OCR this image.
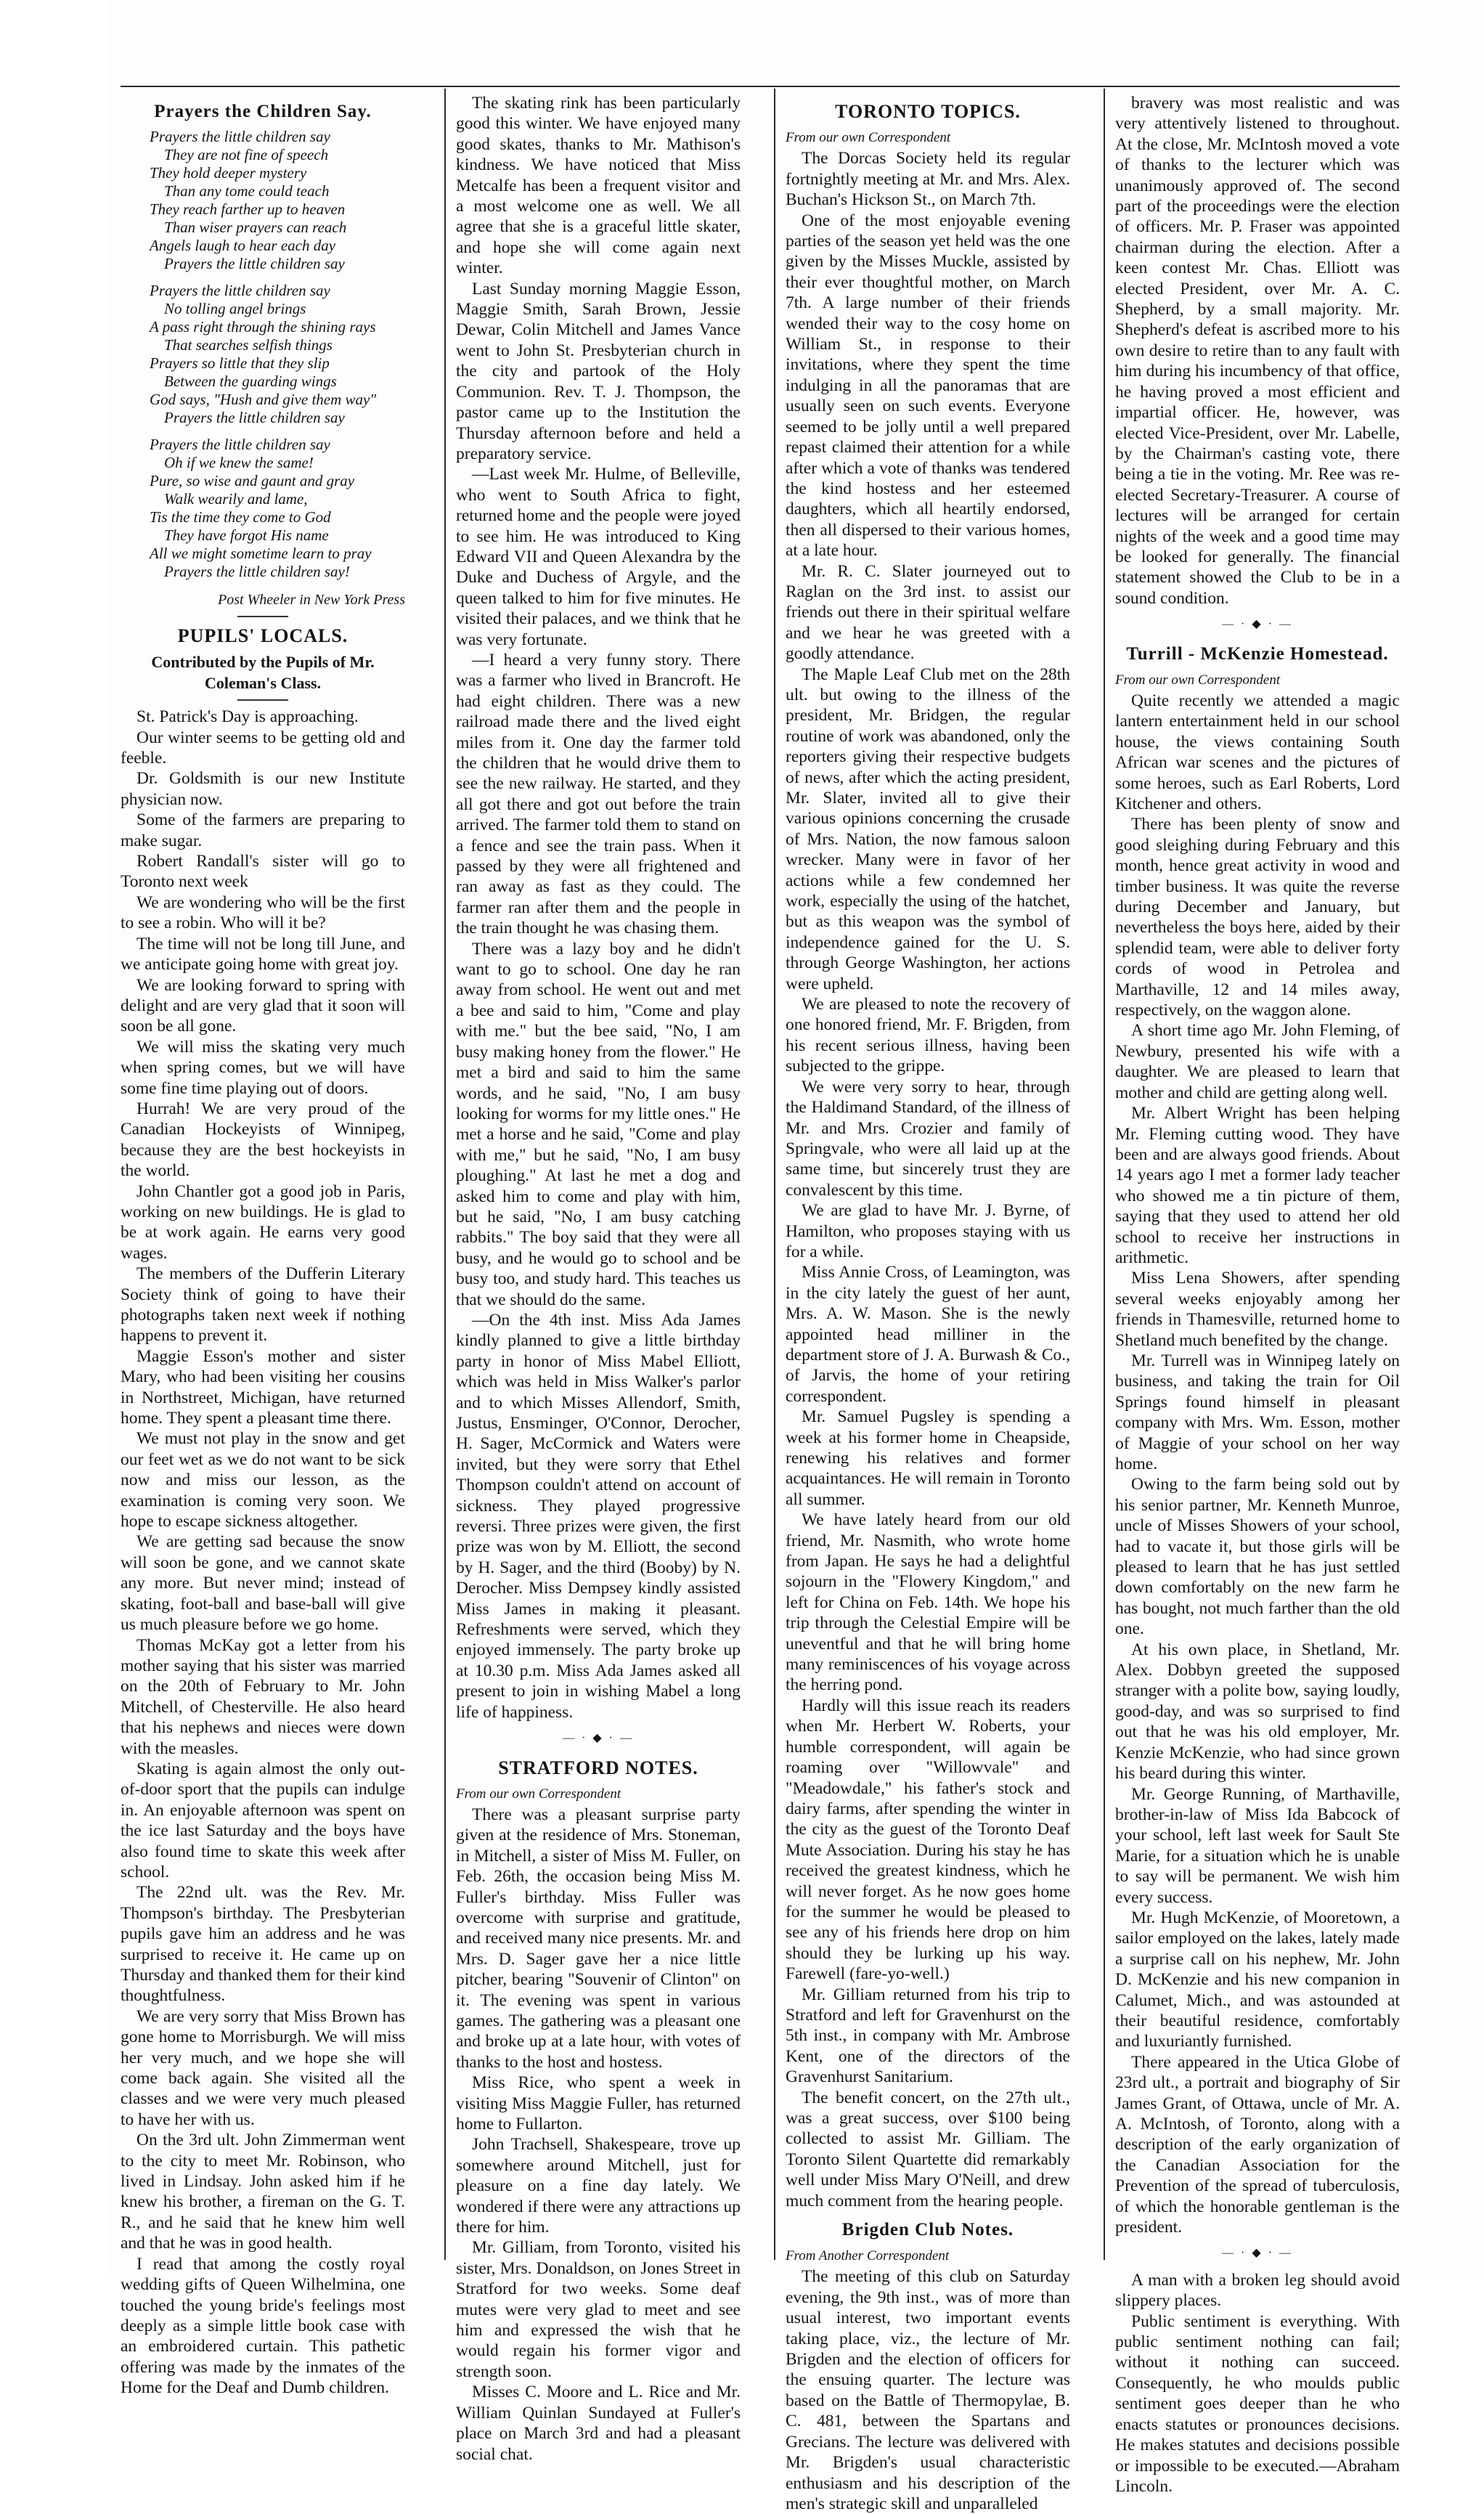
Prayers the Children Say.
Prayers the little children say
They are not fine of speech
They hold deeper mystery
Than any tome could teach
They reach farther up to heaven
Than wiser prayers can reach
Angels laugh to hear each day
Prayers the little children say
Prayers the little children say
No tolling angel brings
A pass right through the shining rays
That searches selfish things
Prayers so little that they slip
Between the guarding wings
God says, "Hush and give them way"
Prayers the little children say
Prayers the little children say
Oh if we knew the same!
Pure, so wise and gaunt and gray
Walk wearily and lame,
Tis the time they come to God
They have forgot His name
All we might sometime learn to pray
Prayers the little children say!
Post Wheeler in New York Press
PUPILS' LOCALS.
Contributed by the Pupils of Mr. Coleman's Class.

St. Patrick's Day is approaching.

Our winter seems to be getting old and feeble.

Dr. Goldsmith is our new Institute physician now.

Some of the farmers are preparing to make sugar.

Robert Randall's sister will go to Toronto next week

We are wondering who will be the first to see a robin. Who will it be?

The time will not be long till June, and we anticipate going home with great joy.

We are looking forward to spring with delight and are very glad that it soon will soon be all gone.

We will miss the skating very much when spring comes, but we will have some fine time playing out of doors.

Hurrah! We are very proud of the Canadian Hockeyists of Winnipeg, because they are the best hockeyists in the world.

John Chantler got a good job in Paris, working on new buildings. He is glad to be at work again. He earns very good wages.

The members of the Dufferin Literary Society think of going to have their photographs taken next week if nothing happens to prevent it.

Maggie Esson's mother and sister Mary, who had been visiting her cousins in Northstreet, Michigan, have returned home. They spent a pleasant time there.

We must not play in the snow and get our feet wet as we do not want to be sick now and miss our lesson, as the examination is coming very soon. We hope to escape sickness altogether.

We are getting sad because the snow will soon be gone, and we cannot skate any more. But never mind; instead of skating, foot-ball and base-ball will give us much pleasure before we go home.

Thomas McKay got a letter from his mother saying that his sister was married on the 20th of February to Mr. John Mitchell, of Chesterville. He also heard that his nephews and nieces were down with the measles.

Skating is again almost the only out-of-door sport that the pupils can indulge in. An enjoyable afternoon was spent on the ice last Saturday and the boys have also found time to skate this week after school.

The 22nd ult. was the Rev. Mr. Thompson's birthday. The Presbyterian pupils gave him an address and he was surprised to receive it. He came up on Thursday and thanked them for their kind thoughtfulness.

We are very sorry that Miss Brown has gone home to Morrisburgh. We will miss her very much, and we hope she will come back again. She visited all the classes and we were very much pleased to have her with us.

On the 3rd ult. John Zimmerman went to the city to meet Mr. Robinson, who lived in Lindsay. John asked him if he knew his brother, a fireman on the G. T. R., and he said that he knew him well and that he was in good health.

I read that among the costly royal wedding gifts of Queen Wilhelmina, one touched the young bride's feelings most deeply as a simple little book case with an embroidered curtain. This pathetic offering was made by the inmates of the Home for the Deaf and Dumb children.

The skating rink has been particularly good this winter. We have enjoyed many good skates, thanks to Mr. Mathison's kindness. We have noticed that Miss Metcalfe has been a frequent visitor and a most welcome one as well. We all agree that she is a graceful little skater, and hope she will come again next winter.

Last Sunday morning Maggie Esson, Maggie Smith, Sarah Brown, Jessie Dewar, Colin Mitchell and James Vance went to John St. Presbyterian church in the city and partook of the Holy Communion. Rev. T. J. Thompson, the pastor came up to the Institution the Thursday afternoon before and held a preparatory service.

—Last week Mr. Hulme, of Belleville, who went to South Africa to fight, returned home and the people were joyed to see him. He was introduced to King Edward VII and Queen Alexandra by the Duke and Duchess of Argyle, and the queen talked to him for five minutes. He visited their palaces, and we think that he was very fortunate.

—I heard a very funny story. There was a farmer who lived in Brancroft. He had eight children. There was a new railroad made there and the lived eight miles from it. One day the farmer told the children that he would drive them to see the new railway. He started, and they all got there and got out before the train arrived. The farmer told them to stand on a fence and see the train pass. When it passed by they were all frightened and ran away as fast as they could. The farmer ran after them and the people in the train thought he was chasing them.

There was a lazy boy and he didn't want to go to school. One day he ran away from school. He went out and met a bee and said to him, "Come and play with me." but the bee said, "No, I am busy making honey from the flower." He met a bird and said to him the same words, and he said, "No, I am busy looking for worms for my little ones." He met a horse and he said, "Come and play with me," but he said, "No, I am busy ploughing." At last he met a dog and asked him to come and play with him, but he said, "No, I am busy catching rabbits." The boy said that they were all busy, and he would go to school and be busy too, and study hard. This teaches us that we should do the same.

—On the 4th inst. Miss Ada James kindly planned to give a little birthday party in honor of Miss Mabel Elliott, which was held in Miss Walker's parlor and to which Misses Allendorf, Smith, Justus, Ensminger, O'Connor, Derocher, H. Sager, McCormick and Waters were invited, but they were sorry that Ethel Thompson couldn't attend on account of sickness. They played progressive reversi. Three prizes were given, the first prize was won by M. Elliott, the second by H. Sager, and the third (Booby) by N. Derocher. Miss Dempsey kindly assisted Miss James in making it pleasant. Refreshments were served, which they enjoyed immensely. The party broke up at 10.30 p.m. Miss Ada James asked all present to join in wishing Mabel a long life of happiness.

— · ◆ · —
STRATFORD NOTES.

From our own Correspondent

There was a pleasant surprise party given at the residence of Mrs. Stoneman, in Mitchell, a sister of Miss M. Fuller, on Feb. 26th, the occasion being Miss M. Fuller's birthday. Miss Fuller was overcome with surprise and gratitude, and received many nice presents. Mr. and Mrs. D. Sager gave her a nice little pitcher, bearing "Souvenir of Clinton" on it. The evening was spent in various games. The gathering was a pleasant one and broke up at a late hour, with votes of thanks to the host and hostess.

Miss Rice, who spent a week in visiting Miss Maggie Fuller, has returned home to Fullarton.

John Trachsell, Shakespeare, trove up somewhere around Mitchell, just for pleasure on a fine day lately. We wondered if there were any attractions up there for him.

Mr. Gilliam, from Toronto, visited his sister, Mrs. Donaldson, on Jones Street in Stratford for two weeks. Some deaf mutes were very glad to meet and see him and expressed the wish that he would regain his former vigor and strength soon.

Misses C. Moore and L. Rice and Mr. William Quinlan Sundayed at Fuller's place on March 3rd and had a pleasant social chat.

TORONTO TOPICS.

From our own Correspondent

The Dorcas Society held its regular fortnightly meeting at Mr. and Mrs. Alex. Buchan's Hickson St., on March 7th.

One of the most enjoyable evening parties of the season yet held was the one given by the Misses Muckle, assisted by their ever thoughtful mother, on March 7th. A large number of their friends wended their way to the cosy home on William St., in response to their invitations, where they spent the time indulging in all the panoramas that are usually seen on such events. Everyone seemed to be jolly until a well prepared repast claimed their attention for a while after which a vote of thanks was tendered the kind hostess and her esteemed daughters, which all heartily endorsed, then all dispersed to their various homes, at a late hour.

Mr. R. C. Slater journeyed out to Raglan on the 3rd inst. to assist our friends out there in their spiritual welfare and we hear he was greeted with a goodly attendance.

The Maple Leaf Club met on the 28th ult. but owing to the illness of the president, Mr. Bridgen, the regular routine of work was abandoned, only the reporters giving their respective budgets of news, after which the acting president, Mr. Slater, invited all to give their various opinions concerning the crusade of Mrs. Nation, the now famous saloon wrecker. Many were in favor of her actions while a few condemned her work, especially the using of the hatchet, but as this weapon was the symbol of independence gained for the U. S. through George Washington, her actions were upheld.

We are pleased to note the recovery of one honored friend, Mr. F. Brigden, from his recent serious illness, having been subjected to the grippe.

We were very sorry to hear, through the Haldimand Standard, of the illness of Mr. and Mrs. Crozier and family of Springvale, who were all laid up at the same time, but sincerely trust they are convalescent by this time.

We are glad to have Mr. J. Byrne, of Hamilton, who proposes staying with us for a while.

Miss Annie Cross, of Leamington, was in the city lately the guest of her aunt, Mrs. A. W. Mason. She is the newly appointed head milliner in the department store of J. A. Burwash & Co., of Jarvis, the home of your retiring correspondent.

Mr. Samuel Pugsley is spending a week at his former home in Cheapside, renewing his relatives and former acquaintances. He will remain in Toronto all summer.

We have lately heard from our old friend, Mr. Nasmith, who wrote home from Japan. He says he had a delightful sojourn in the "Flowery Kingdom," and left for China on Feb. 14th. We hope his trip through the Celestial Empire will be uneventful and that he will bring home many reminiscences of his voyage across the herring pond.

Hardly will this issue reach its readers when Mr. Herbert W. Roberts, your humble correspondent, will again be roaming over "Willowvale" and "Meadowdale," his father's stock and dairy farms, after spending the winter in the city as the guest of the Toronto Deaf Mute Association. During his stay he has received the greatest kindness, which he will never forget. As he now goes home for the summer he would be pleased to see any of his friends here drop on him should they be lurking up his way. Farewell (fare-yo-well.)

Mr. Gilliam returned from his trip to Stratford and left for Gravenhurst on the 5th inst., in company with Mr. Ambrose Kent, one of the directors of the Gravenhurst Sanitarium.

The benefit concert, on the 27th ult., was a great success, over $100 being collected to assist Mr. Gilliam. The Toronto Silent Quartette did remarkably well under Miss Mary O'Neill, and drew much comment from the hearing people.

Brigden Club Notes.

From Another Correspondent

The meeting of this club on Saturday evening, the 9th inst., was of more than usual interest, two important events taking place, viz., the lecture of Mr. Brigden and the election of officers for the ensuing quarter. The lecture was based on the Battle of Thermopylae, B. C. 481, between the Spartans and Grecians. The lecture was delivered with Mr. Brigden's usual characteristic enthusiasm and his description of the men's strategic skill and unparalleled

bravery was most realistic and was very attentively listened to throughout. At the close, Mr. McIntosh moved a vote of thanks to the lecturer which was unanimously approved of. The second part of the proceedings were the election of officers. Mr. P. Fraser was appointed chairman during the election. After a keen contest Mr. Chas. Elliott was elected President, over Mr. A. C. Shepherd, by a small majority. Mr. Shepherd's defeat is ascribed more to his own desire to retire than to any fault with him during his incumbency of that office, he having proved a most efficient and impartial officer. He, however, was elected Vice-President, over Mr. Labelle, by the Chairman's casting vote, there being a tie in the voting. Mr. Ree was re-elected Secretary-Treasurer. A course of lectures will be arranged for certain nights of the week and a good time may be looked for generally. The financial statement showed the Club to be in a sound condition.

— · ◆ · —
Turrill - McKenzie Homestead.

From our own Correspondent

Quite recently we attended a magic lantern entertainment held in our school house, the views containing South African war scenes and the pictures of some heroes, such as Earl Roberts, Lord Kitchener and others.

There has been plenty of snow and good sleighing during February and this month, hence great activity in wood and timber business. It was quite the reverse during December and January, but nevertheless the boys here, aided by their splendid team, were able to deliver forty cords of wood in Petrolea and Marthaville, 12 and 14 miles away, respectively, on the waggon alone.

A short time ago Mr. John Fleming, of Newbury, presented his wife with a daughter. We are pleased to learn that mother and child are getting along well.

Mr. Albert Wright has been helping Mr. Fleming cutting wood. They have been and are always good friends. About 14 years ago I met a former lady teacher who showed me a tin picture of them, saying that they used to attend her old school to receive her instructions in arithmetic.

Miss Lena Showers, after spending several weeks enjoyably among her friends in Thamesville, returned home to Shetland much benefited by the change.

Mr. Turrell was in Winnipeg lately on business, and taking the train for Oil Springs found himself in pleasant company with Mrs. Wm. Esson, mother of Maggie of your school on her way home.

Owing to the farm being sold out by his senior partner, Mr. Kenneth Munroe, uncle of Misses Showers of your school, had to vacate it, but those girls will be pleased to learn that he has just settled down comfortably on the new farm he has bought, not much farther than the old one.

At his own place, in Shetland, Mr. Alex. Dobbyn greeted the supposed stranger with a polite bow, saying loudly, good-day, and was so surprised to find out that he was his old employer, Mr. Kenzie McKenzie, who had since grown his beard during this winter.

Mr. George Running, of Marthaville, brother-in-law of Miss Ida Babcock of your school, left last week for Sault Ste Marie, for a situation which he is unable to say will be permanent. We wish him every success.

Mr. Hugh McKenzie, of Mooretown, a sailor employed on the lakes, lately made a surprise call on his nephew, Mr. John D. McKenzie and his new companion in Calumet, Mich., and was astounded at their beautiful residence, comfortably and luxuriantly furnished.

There appeared in the Utica Globe of 23rd ult., a portrait and biography of Sir James Grant, of Ottawa, uncle of Mr. A. A. McIntosh, of Toronto, along with a description of the early organization of the Canadian Association for the Prevention of the spread of tuberculosis, of which the honorable gentleman is the president.

— · ◆ · —

A man with a broken leg should avoid slippery places.

Public sentiment is everything. With public sentiment nothing can fail; without it nothing can succeed. Consequently, he who moulds public sentiment goes deeper than he who enacts statutes or pronounces decisions. He makes statutes and decisions possible or impossible to be executed.—Abraham Lincoln.
